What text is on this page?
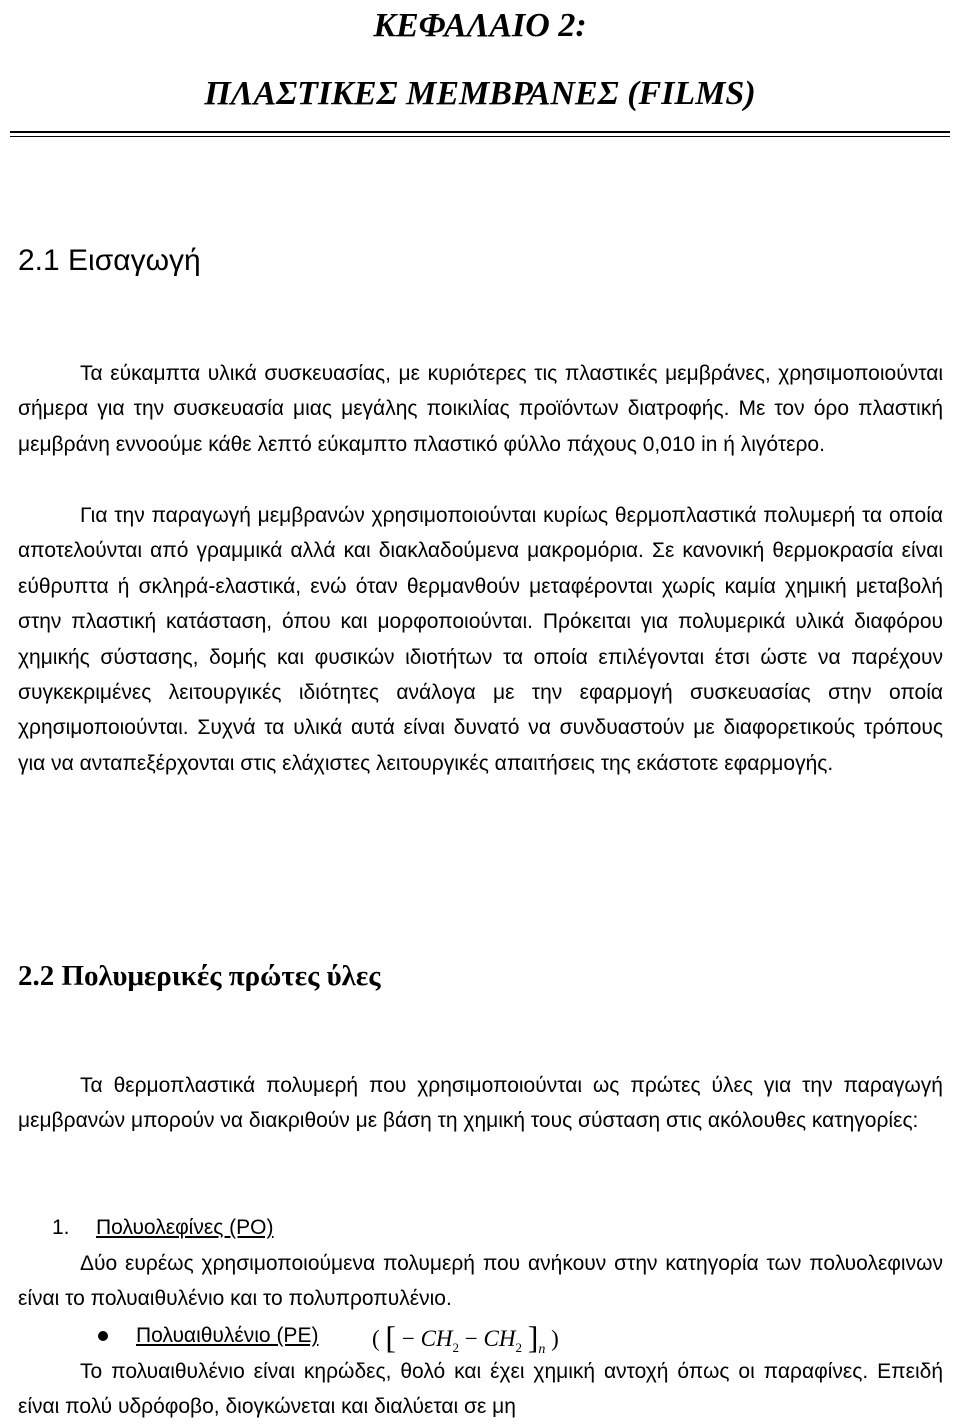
ΚΕΦΑΛΑΙΟ 2:
ΠΛΑΣΤΙΚΕΣ ΜΕΜΒΡΑΝΕΣ (FILMS)
2.1 Εισαγωγή

Τα εύκαμπτα υλικά συσκευασίας, με κυριότερες τις πλαστικές μεμβράνες, χρησιμοποιούνται σήμερα για την συσκευασία μιας μεγάλης ποικιλίας προϊόντων διατροφής. Με τον όρο πλαστική μεμβράνη εννοούμε κάθε λεπτό εύκαμπτο πλαστικό φύλλο πάχους 0,010 in ή λιγότερο.

Για την παραγωγή μεμβρανών χρησιμοποιούνται κυρίως θερμοπλαστικά πολυμερή τα οποία αποτελούνται από γραμμικά αλλά και διακλαδούμενα μακρομόρια. Σε κανονική θερμοκρασία είναι εύθρυπτα ή σκληρά-ελαστικά, ενώ όταν θερμανθούν μεταφέρονται χωρίς καμία χημική μεταβολή στην πλαστική κατάσταση, όπου και μορφοποιούνται. Πρόκειται για πολυμερικά υλικά διαφόρου χημικής σύστασης, δομής και φυσικών ιδιοτήτων τα οποία επιλέγονται έτσι ώστε να παρέχουν συγκεκριμένες λειτουργικές ιδιότητες ανάλογα με την εφαρμογή συσκευασίας στην οποία χρησιμοποιούνται. Συχνά τα υλικά αυτά είναι δυνατό να συνδυαστούν με διαφορετικούς τρόπους για να ανταπεξέρχονται στις ελάχιστες λειτουργικές απαιτήσεις της εκάστοτε εφαρμογής.

2.2 Πολυμερικές πρώτες ύλες

Τα θερμοπλαστικά πολυμερή που χρησιμοποιούνται ως πρώτες ύλες για την παραγωγή μεμβρανών μπορούν να διακριθούν με βάση τη χημική τους σύσταση στις ακόλουθες κατηγορίες:

1. Πολυολεφίνες (PO)

Δύο ευρέως χρησιμοποιούμενα πολυμερή που ανήκουν στην κατηγορία των πολυολεφινων είναι το πολυαιθυλένιο και το πολυπροπυλένιο.

Πολυαιθυλένιο (PE) ( [ − $CH_2 - CH_2$ ]$_n$ )

Το πολυαιθυλένιο είναι κηρώδες, θολό και έχει χημική αντοχή όπως οι παραφίνες. Επειδή είναι πολύ υδρόφοβο, διογκώνεται και διαλύεται σε μη
